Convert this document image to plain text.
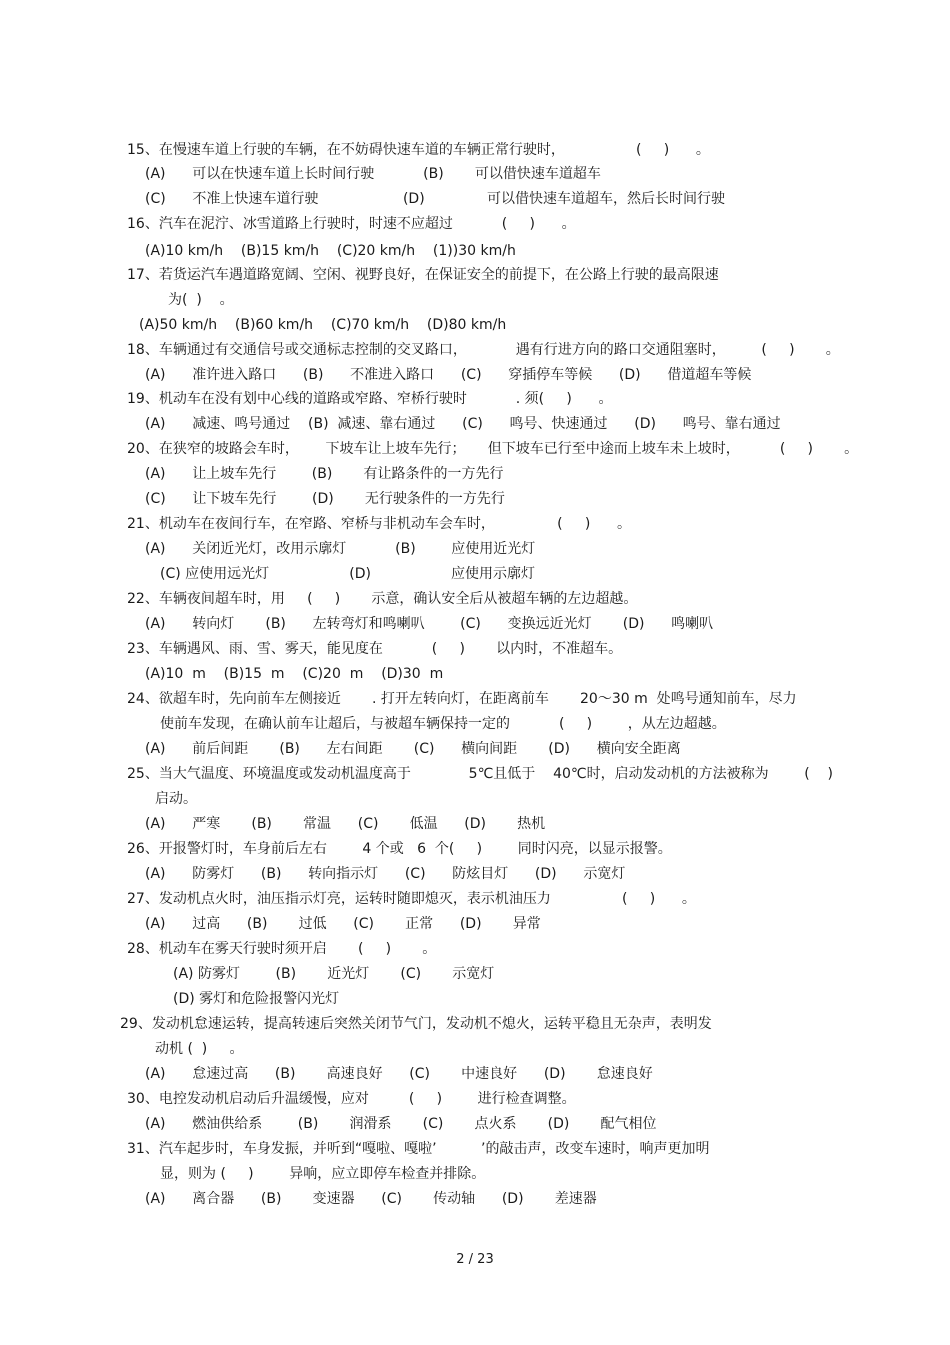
15、在慢速车道上行驶的车辆，在不妨碍快速车道的车辆正常行驶时，                (     )      。
(A)      可以在快速车道上长时间行驶           (B)       可以借快速车道超车
(C)      不准上快速车道行驶                   (D)              可以借快速车道超车，然后长时间行驶
16、汽车在泥泞、冰雪道路上行驶时，时速不应超过           (     )      。
(A)10 km/h    (B)15 km/h    (C)20 km/h    (1))30 km/h
17、若货运汽车遇道路宽阔、空闲、视野良好，在保证安全的前提下，在公路上行驶的最高限速
为(  )    。
(A)50 km/h    (B)60 km/h    (C)70 km/h    (D)80 km/h
18、车辆通过有交通信号或交通标志控制的交叉路口，           遇有行进方向的路口交通阻塞时，        (     )       。
(A)      准许进入路口      (B)      不准进入路口      (C)      穿插停车等候      (D)      借道超车等候
19、机动车在没有划中心线的道路或窄路、窄桥行驶时           . 须(     )      。
(A)      减速、鸣号通过    (B)  减速、靠右通过      (C)      鸣号、快速通过      (D)      鸣号、靠右通过
20、在狭窄的坡路会车时，      下坡车让上坡车先行；     但下坡车已行至中途而上坡车未上坡时，         (     )       。
(A)      让上坡车先行        (B)       有让路条件的一方先行
(C)      让下坡车先行        (D)       无行驶条件的一方先行
21、机动车在夜间行车，在窄路、窄桥与非机动车会车时，              (     )      。
(A)      关闭近光灯，改用示廓灯           (B)        应使用近光灯
(C) 应使用远光灯                  (D)                  应使用示廓灯
22、车辆夜间超车时，用     (     )       示意，确认安全后从被超车辆的左边超越。
(A)      转向灯       (B)      左转弯灯和鸣喇叭        (C)      变换远近光灯       (D)      鸣喇叭
23、车辆遇风、雨、雪、雾天，能见度在           (     )       以内时，不准超车。
(A)10  m    (B)15  m    (C)20  m    (D)30  m
24、欲超车时，先向前车左侧接近       . 打开左转向灯，在距离前车       20～30 m  处鸣号通知前车，尽力
使前车发现，在确认前车让超后，与被超车辆保持一定的           (     )        ，从左边超越。
(A)      前后间距       (B)      左右间距       (C)      横向间距       (D)      横向安全距离
25、当大气温度、环境温度或发动机温度高于             5℃且低于    40℃时，启动发动机的方法被称为        (    )
启动。
(A)      严寒       (B)       常温      (C)       低温      (D)       热机
26、开报警灯时，车身前后左右        4 个或   6  个(     )        同时闪亮，以显示报警。
(A)      防雾灯      (B)      转向指示灯      (C)      防炫目灯      (D)      示宽灯
27、发动机点火时，油压指示灯亮，运转时随即熄灭，表示机油压力                (     )      。
(A)      过高      (B)       过低      (C)       正常      (D)       异常
28、机动车在雾天行驶时须开启       (     )       。
(A) 防雾灯        (B)       近光灯       (C)       示宽灯
(D) 雾灯和危险报警闪光灯
29、发动机怠速运转，提高转速后突然关闭节气门，发动机不熄火，运转平稳且无杂声，表明发
动机 (  )     。
(A)      怠速过高      (B)       高速良好      (C)       中速良好      (D)       怠速良好
30、电控发动机启动后升温缓慢，应对         (     )        进行检查调整。
(A)      燃油供给系        (B)       润滑系       (C)       点火系       (D)       配气相位
31、汽车起步时，车身发振，并听到“嘎啦、嘎啦’          ’的敲击声，改变车速时，响声更加明
显，则为 (     )        异响，应立即停车检查并排除。
(A)      离合器      (B)       变速器      (C)       传动轴      (D)       差速器
2 / 23
